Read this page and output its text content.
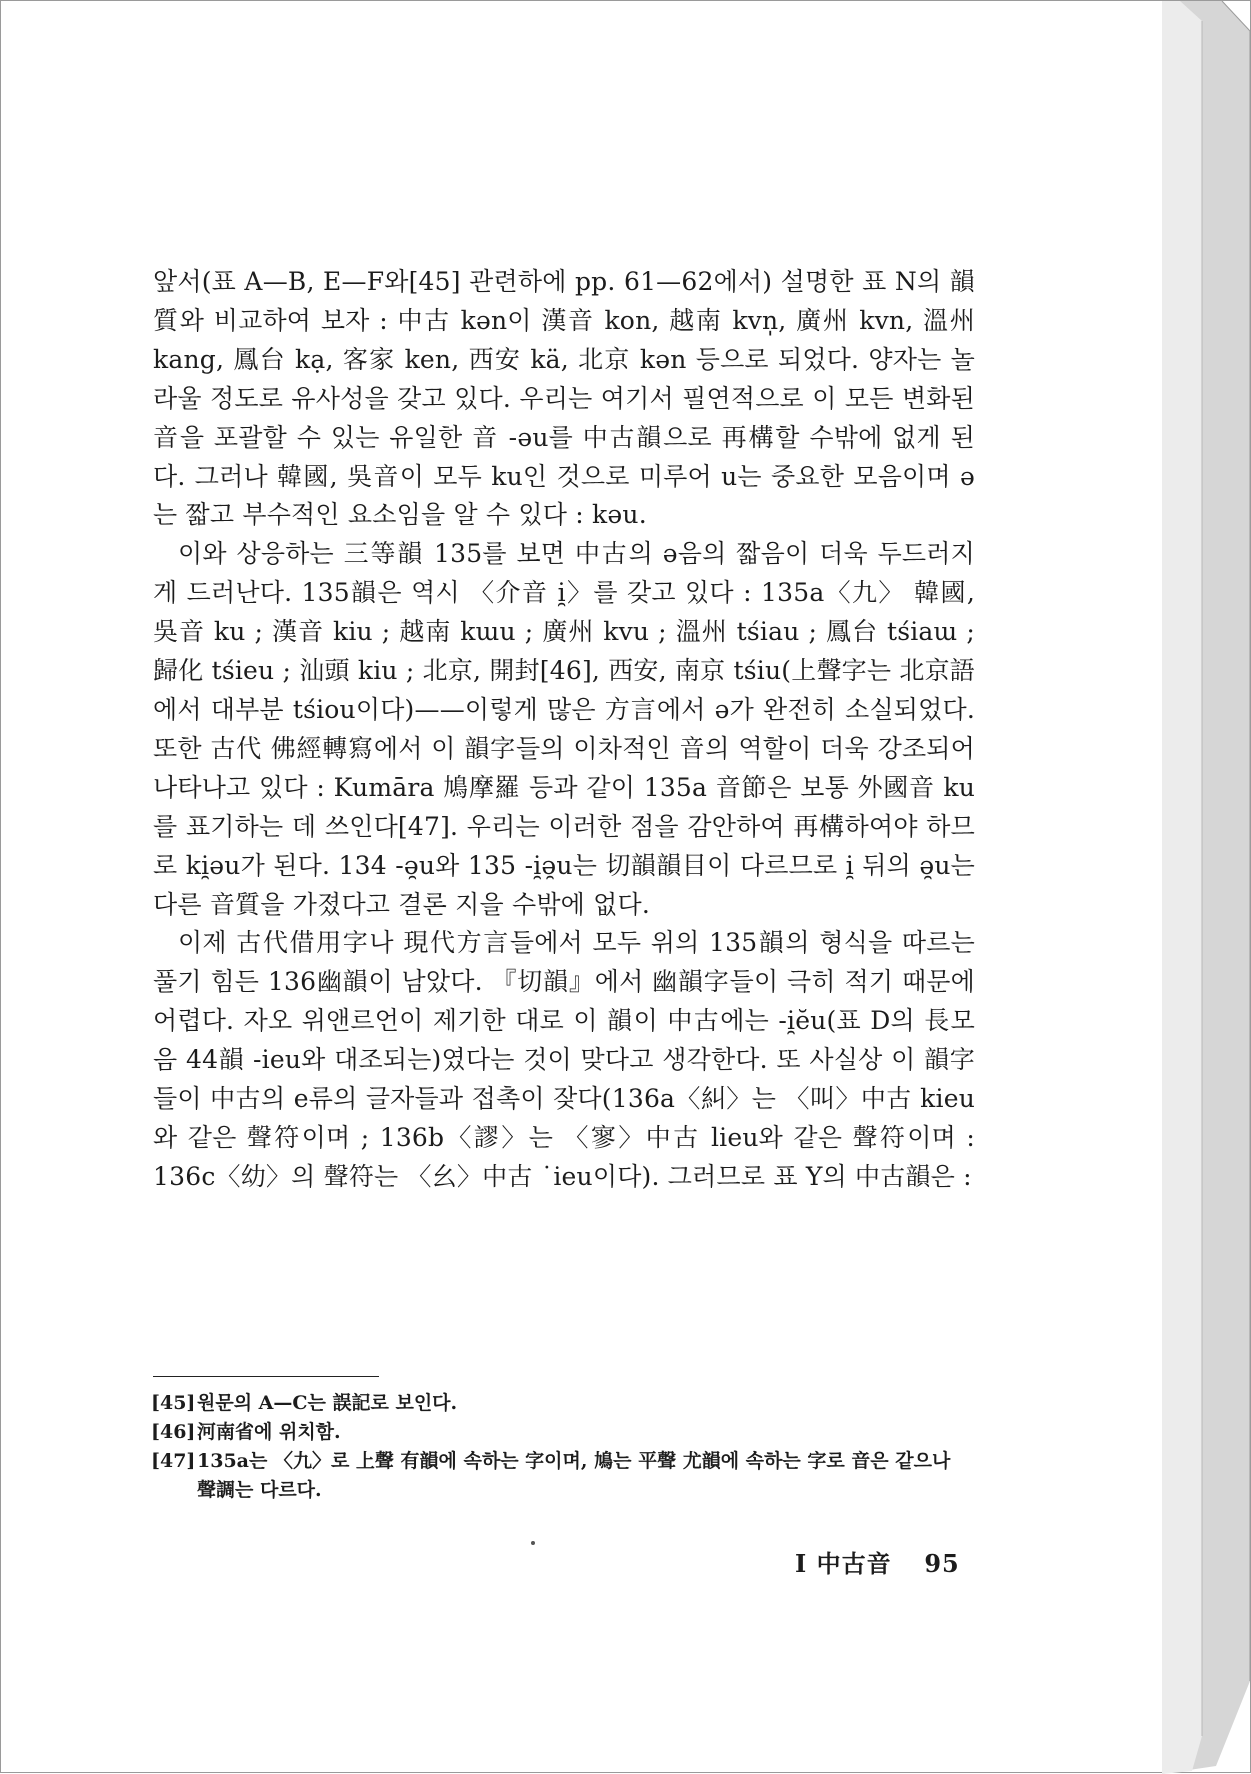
앞서(표 A—B, E—F와[45] 관련하에 pp. 61—62에서) 설명한 표 N의 韻質와 비교하여 보자 : 中古 kən이 漢音 kon, 越南 kvn̩, 廣州 kvn, 溫州 kang, 鳳台 kạ, 客家 ken, 西安 kä, 北京 kən 등으로 되었다. 양자는 놀라울 정도로 유사성을 갖고 있다. 우리는 여기서 필연적으로 이 모든 변화된 音을 포괄할 수 있는 유일한 音 -əu를 中古韻으로 再構할 수밖에 없게 된다. 그러나 韓國, 吳音이 모두 ku인 것으로 미루어 u는 중요한 모음이며 ə는 짧고 부수적인 요소임을 알 수 있다 : kəu.

이와 상응하는 三等韻 135를 보면 中古의 ə음의 짧음이 더욱 두드러지게 드러난다. 135韻은 역시 〈介音 i̯〉를 갖고 있다 : 135a〈九〉 韓國, 吳音 ku ; 漢音 kiu ; 越南 kɯu ; 廣州 kvu ; 溫州 tśiau ; 鳳台 tśiaɯ ; 歸化 tśieu ; 汕頭 kiu ; 北京, 開封[46], 西安, 南京 tśiu(上聲字는 北京語에서 대부분 tśiou이다)——이렇게 많은 方言에서 ə가 완전히 소실되었다. 또한 古代 佛經轉寫에서 이 韻字들의 이차적인 音의 역할이 더욱 강조되어 나타나고 있다 : Kumāra 鳩摩羅 등과 같이 135a 音節은 보통 外國音 ku를 표기하는 데 쓰인다[47]. 우리는 이러한 점을 감안하여 再構하여야 하므로 ki̯əu가 된다. 134 -ə̯u와 135 -i̯ə̯u는 切韻韻目이 다르므로 i̯ 뒤의 ə̯u는 다른 音質을 가졌다고 결론 지을 수밖에 없다.

이제 古代借用字나 現代方言들에서 모두 위의 135韻의 형식을 따르는 풀기 힘든 136幽韻이 남았다. 『切韻』에서 幽韻字들이 극히 적기 때문에 어렵다. 자오 위앤르언이 제기한 대로 이 韻이 中古에는 -i̯ĕu(표 D의 長모음 44韻 -ieu와 대조되는)였다는 것이 맞다고 생각한다. 또 사실상 이 韻字들이 中古의 e류의 글자들과 접촉이 잦다(136a〈糾〉는 〈叫〉中古 kieu와 같은 聲符이며 ; 136b〈謬〉는 〈寥〉中古 lieu와 같은 聲符이며 : 136c〈幼〉의 聲符는 〈幺〉中古 ˙ieu이다). 그러므로 표 Y의 中古韻은 :

[45] 원문의 A—C는 誤記로 보인다.
[46] 河南省에 위치함.
[47] 135a는 〈九〉로 上聲 有韻에 속하는 字이며, 鳩는 平聲 尤韻에 속하는 字로 音은 같으나 聲調는 다르다.
I 中古音 95
